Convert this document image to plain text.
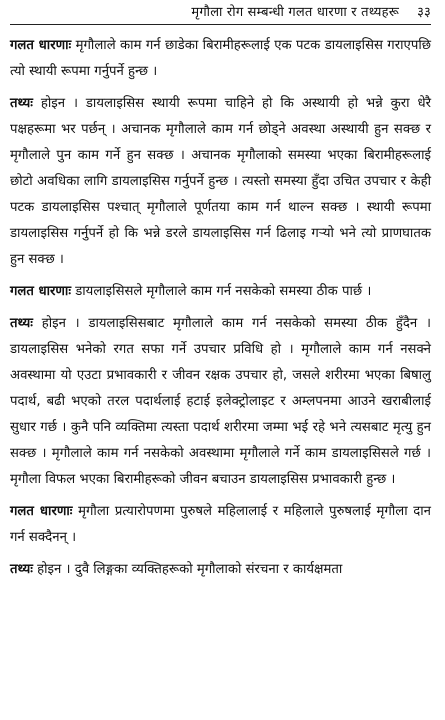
मृगौला रोग सम्बन्धी गलत धारणा र तथ्यहरू ३३

गलत धारणाः मृगौलाले काम गर्न छाडेका बिरामीहरूलाई एक पटक डायलाइसिस गराएपछि त्यो स्थायी रूपमा गर्नुपर्ने हुन्छ ।

तथ्यः होइन । डायलाइसिस स्थायी रूपमा चाहिने हो कि अस्थायी हो भन्ने कुरा धेरै पक्षहरूमा भर पर्छन् । अचानक मृगौलाले काम गर्न छोड्ने अवस्था अस्थायी हुन सक्छ र मृगौलाले पुन काम गर्ने हुन सक्छ । अचानक मृगौलाको समस्या भएका बिरामीहरूलाई छोटो अवधिका लागि डायलाइसिस गर्नुपर्ने हुन्छ । त्यस्तो समस्या हुँदा उचित उपचार र केही पटक डायलाइसिस पश्चात् मृगौलाले पूर्णतया काम गर्न थाल्न सक्छ । स्थायी रूपमा डायलाइसिस गर्नुपर्ने हो कि भन्ने डरले डायलाइसिस गर्न ढिलाइ गऱ्यो भने त्यो प्राणघातक हुन सक्छ ।

गलत धारणाः डायलाइसिसले मृगौलाले काम गर्न नसकेको समस्या ठीक पार्छ ।

तथ्यः होइन । डायलाइसिसबाट मृगौलाले काम गर्न नसकेको समस्या ठीक हुँदैन । डायलाइसिस भनेको रगत सफा गर्ने उपचार प्रविधि हो । मृगौलाले काम गर्न नसक्ने अवस्थामा यो एउटा प्रभावकारी र जीवन रक्षक उपचार हो, जसले शरीरमा भएका बिषालु पदार्थ, बढी भएको तरल पदार्थलाई हटाई इलेक्ट्रोलाइट र अम्लपनमा आउने खराबीलाई सुधार गर्छ । कुनै पनि व्यक्तिमा त्यस्ता पदार्थ शरीरमा जम्मा भई रहे भने त्यसबाट मृत्यु हुन सक्छ । मृगौलाले काम गर्न नसकेको अवस्थामा मृगौलाले गर्ने काम डायलाइसिसले गर्छ । मृगौला विफल भएका बिरामीहरूको जीवन बचाउन डायलाइसिस प्रभावकारी हुन्छ ।

गलत धारणाः मृगौला प्रत्यारोपणमा पुरुषले महिलालाई र महिलाले पुरुषलाई मृगौला दान गर्न सक्दैनन् ।

तथ्यः होइन । दुवै लिङ्गका व्यक्तिहरूको मृगौलाको संरचना र कार्यक्षमता
